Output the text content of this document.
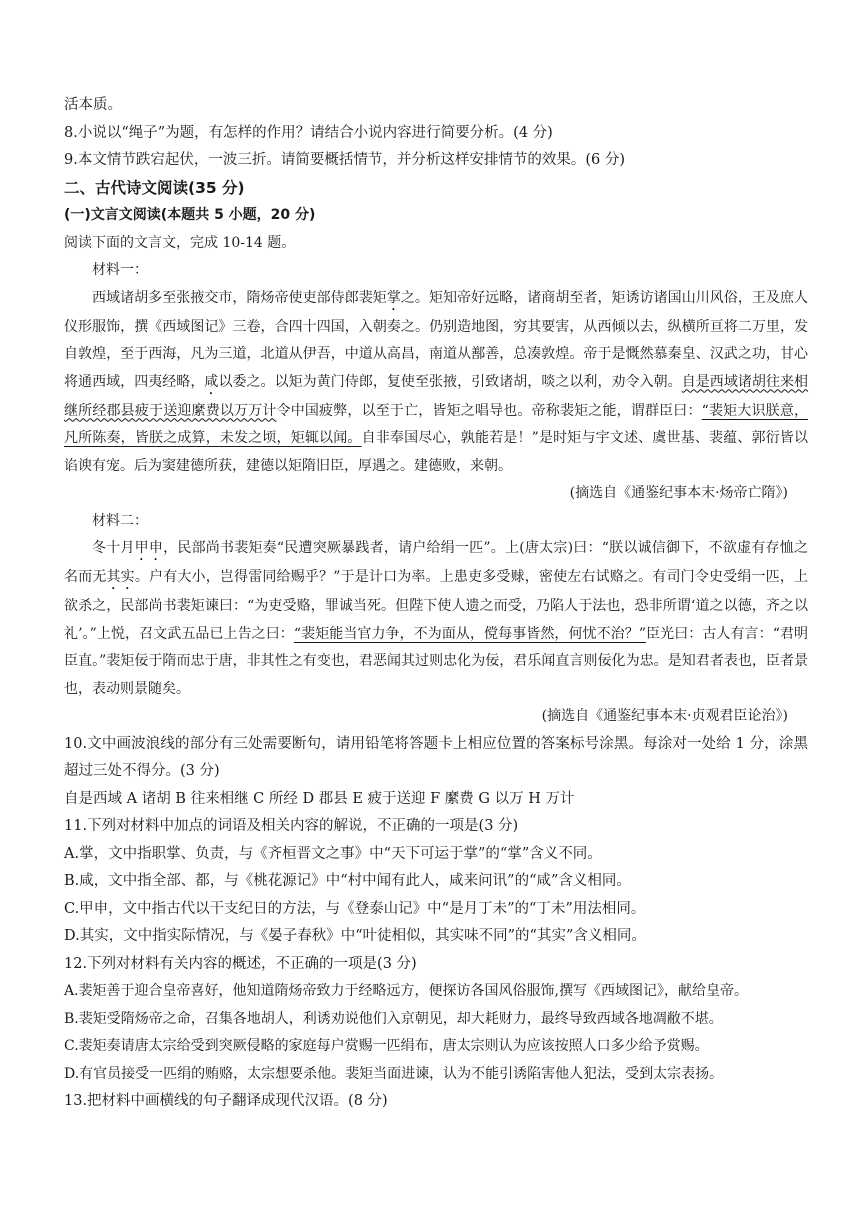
活本质。
8.小说以“绳子”为题，有怎样的作用？请结合小说内容进行简要分析。(4 分)
9.本文情节跌宕起伏，一波三折。请简要概括情节，并分析这样安排情节的效果。(6 分)
二、古代诗文阅读(35 分)
(一)文言文阅读(本题共 5 小题，20 分)
阅读下面的文言文，完成 10-14 题。
材料一：

西域诸胡多至张掖交市，隋炀帝使吏部侍郎裴矩掌之。矩知帝好远略，诸商胡至者，矩诱访诸国山川风俗，王及庶人仪形服饰，撰《西域图记》三卷，合四十四国，入朝奏之。仍别造地图，穷其要害，从西倾以去，纵横所亘将二万里，发自敦煌，至于西海，凡为三道，北道从伊吾，中道从高昌，南道从鄯善，总凑敦煌。帝于是慨然慕秦皇、汉武之功，甘心将通西域，四夷经略，咸以委之。以矩为黄门侍郎，复使至张掖，引致诸胡，啖之以利，劝令入朝。自是西域诸胡往来相继所经郡县疲于送迎縻费以万万计令中国疲弊，以至于亡，皆矩之唱导也。帝称裴矩之能，谓群臣曰：“裴矩大识朕意，凡所陈奏，皆朕之成算，未发之顷，矩辄以闻。自非奉国尽心，孰能若是！”是时矩与宇文述、虞世基、裴蕴、郭衍皆以谄谀有宠。后为窦建德所获，建德以矩隋旧臣，厚遇之。建德败，来朝。

(摘选自《通鉴纪事本末·炀帝亡隋》)
材料二：

冬十月甲申，民部尚书裴矩奏“民遭突厥暴践者，请户给绢一匹”。上(唐太宗)曰：“朕以诚信御下，不欲虚有存恤之名而无其实。户有大小，岂得雷同给赐乎？”于是计口为率。上患吏多受赇，密使左右试赂之。有司门令史受绢一匹，上欲杀之，民部尚书裴矩谏曰：“为吏受赂，罪诚当死。但陛下使人遗之而受，乃陷人于法也，恐非所谓‘道之以德，齐之以礼’。”上悦，召文武五品已上告之曰：“裴矩能当官力争，不为面从，傥每事皆然，何忧不治？”臣光曰：古人有言：“君明臣直。”裴矩佞于隋而忠于唐，非其性之有变也，君恶闻其过则忠化为佞，君乐闻直言则佞化为忠。是知君者表也，臣者景也，表动则景随矣。

(摘选自《通鉴纪事本末·贞观君臣论治》)
10.文中画波浪线的部分有三处需要断句，请用铅笔将答题卡上相应位置的答案标号涂黑。每涂对一处给 1 分，涂黑超过三处不得分。(3 分)
自是西域 A 诸胡 B 往来相继 C 所经 D 郡县 E 疲于送迎 F 縻费 G 以万 H 万计
11.下列对材料中加点的词语及相关内容的解说，不正确的一项是(3 分)
A.掌，文中指职掌、负责，与《齐桓晋文之事》中“天下可运于掌”的“掌”含义不同。
B.咸，文中指全部、都，与《桃花源记》中“村中闻有此人，咸来问讯”的“咸”含义相同。
C.甲申，文中指古代以干支纪日的方法，与《登泰山记》中“是月丁未”的“丁未”用法相同。
D.其实，文中指实际情况，与《晏子春秋》中“叶徒相似，其实味不同”的“其实”含义相同。
12.下列对材料有关内容的概述，不正确的一项是(3 分)
A.裴矩善于迎合皇帝喜好，他知道隋炀帝致力于经略远方，便探访各国风俗服饰,撰写《西域图记》，献给皇帝。
B.裴矩受隋炀帝之命，召集各地胡人，利诱劝说他们入京朝见，却大耗财力，最终导致西域各地凋敝不堪。
C.裴矩奏请唐太宗给受到突厥侵略的家庭每户赏赐一匹绢布，唐太宗则认为应该按照人口多少给予赏赐。
D.有官员接受一匹绢的贿赂，太宗想要杀他。裴矩当面进谏，认为不能引诱陷害他人犯法，受到太宗表扬。
13.把材料中画横线的句子翻译成现代汉语。(8 分)
